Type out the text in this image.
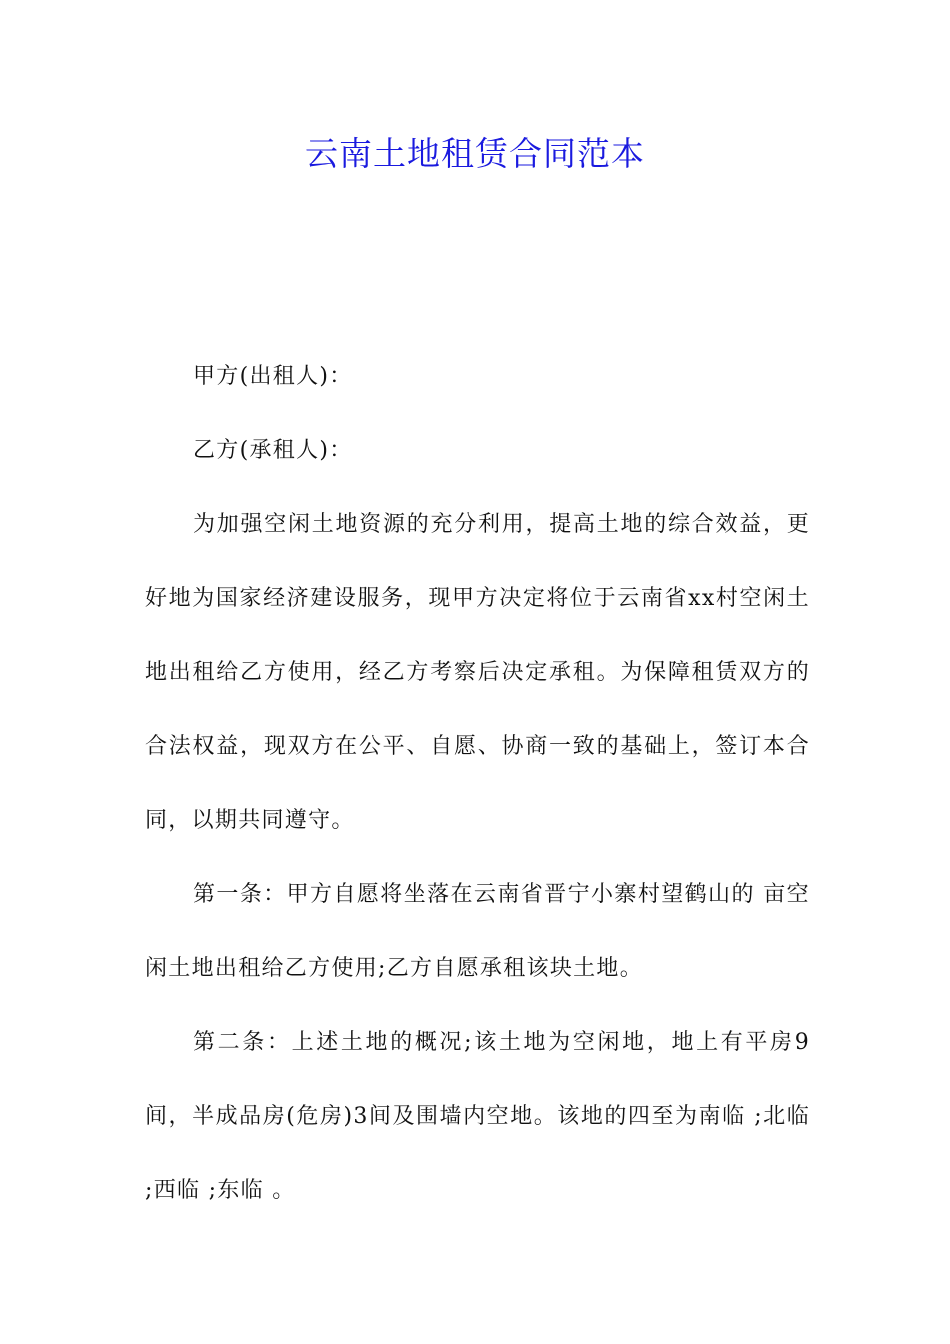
云南土地租赁合同范本

甲方(出租人)：

乙方(承租人)：

为加强空闲土地资源的充分利用，提高土地的综合效益，更好地为国家经济建设服务，现甲方决定将位于云南省xx村空闲土地出租给乙方使用，经乙方考察后决定承租。为保障租赁双方的合法权益，现双方在公平、自愿、协商一致的基础上，签订本合同，以期共同遵守。

第一条：甲方自愿将坐落在云南省晋宁小寨村望鹤山的 亩空闲土地出租给乙方使用;乙方自愿承租该块土地。

第二条：上述土地的概况;该土地为空闲地，地上有平房9间，半成品房(危房)3间及围墙内空地。该地的四至为南临 ;北临 ;西临 ;东临 。
